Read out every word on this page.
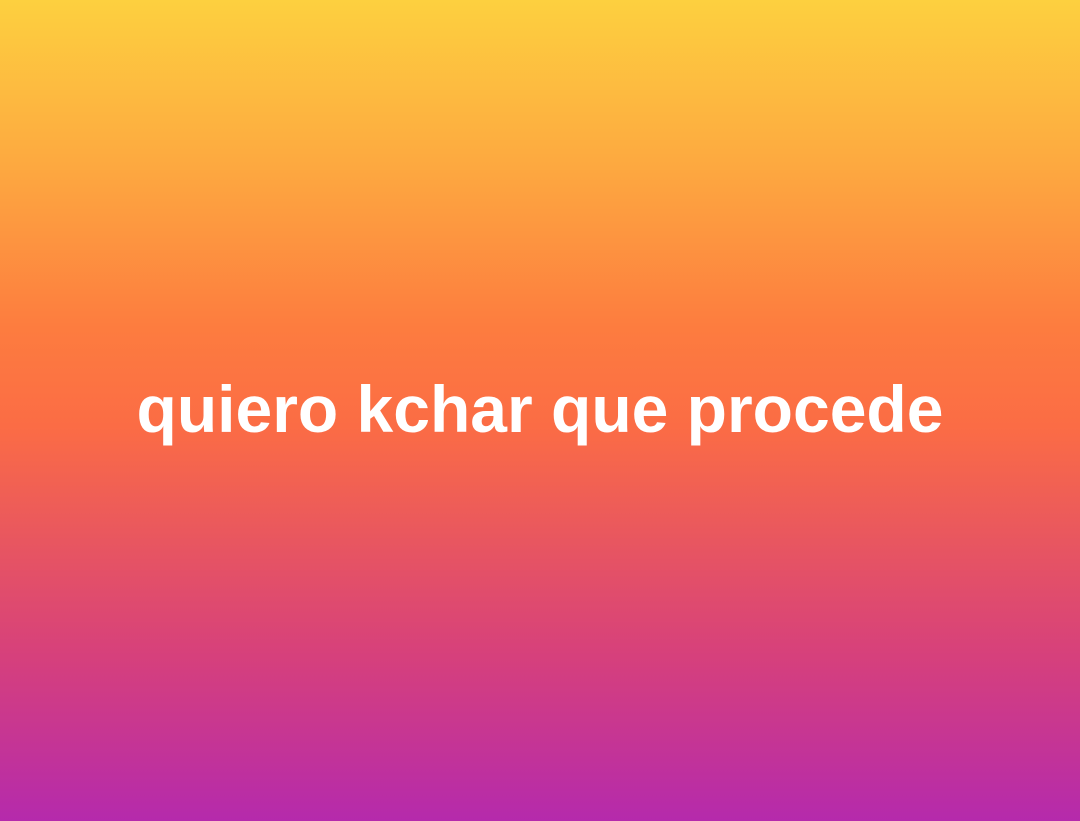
quiero kchar que procede
